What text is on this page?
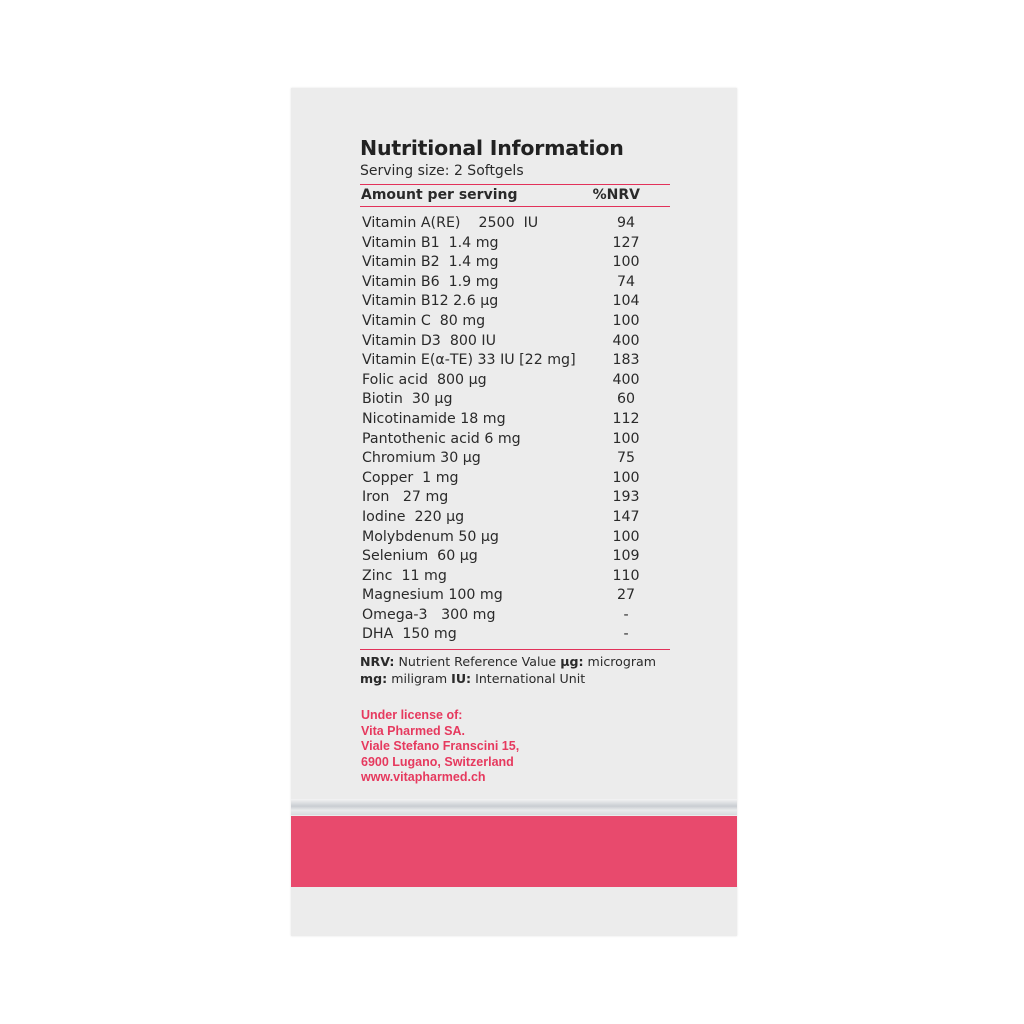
Nutritional Information
Serving size: 2 Softgels
Amount per serving	%NRV
Vitamin A(RE)    2500  IU	94
Vitamin B1  1.4 mg	127
Vitamin B2  1.4 mg	100
Vitamin B6  1.9 mg	74
Vitamin B12 2.6 µg	104
Vitamin C  80 mg	100
Vitamin D3  800 IU	400
Vitamin E(α-TE) 33 IU [22 mg]	183
Folic acid  800 µg	400
Biotin  30 µg	60
Nicotinamide 18 mg	112
Pantothenic acid 6 mg	100
Chromium 30 µg	75
Copper  1 mg	100
Iron   27 mg	193
Iodine  220 µg	147
Molybdenum 50 µg	100
Selenium  60 µg	109
Zinc  11 mg	110
Magnesium 100 mg	27
Omega-3   300 mg	-
DHA  150 mg	-
NRV: Nutrient Reference Value µg: microgram
mg: miligram IU: International Unit
Under license of:
Vita Pharmed SA.
Viale Stefano Franscini 15,
6900 Lugano, Switzerland
www.vitapharmed.ch
